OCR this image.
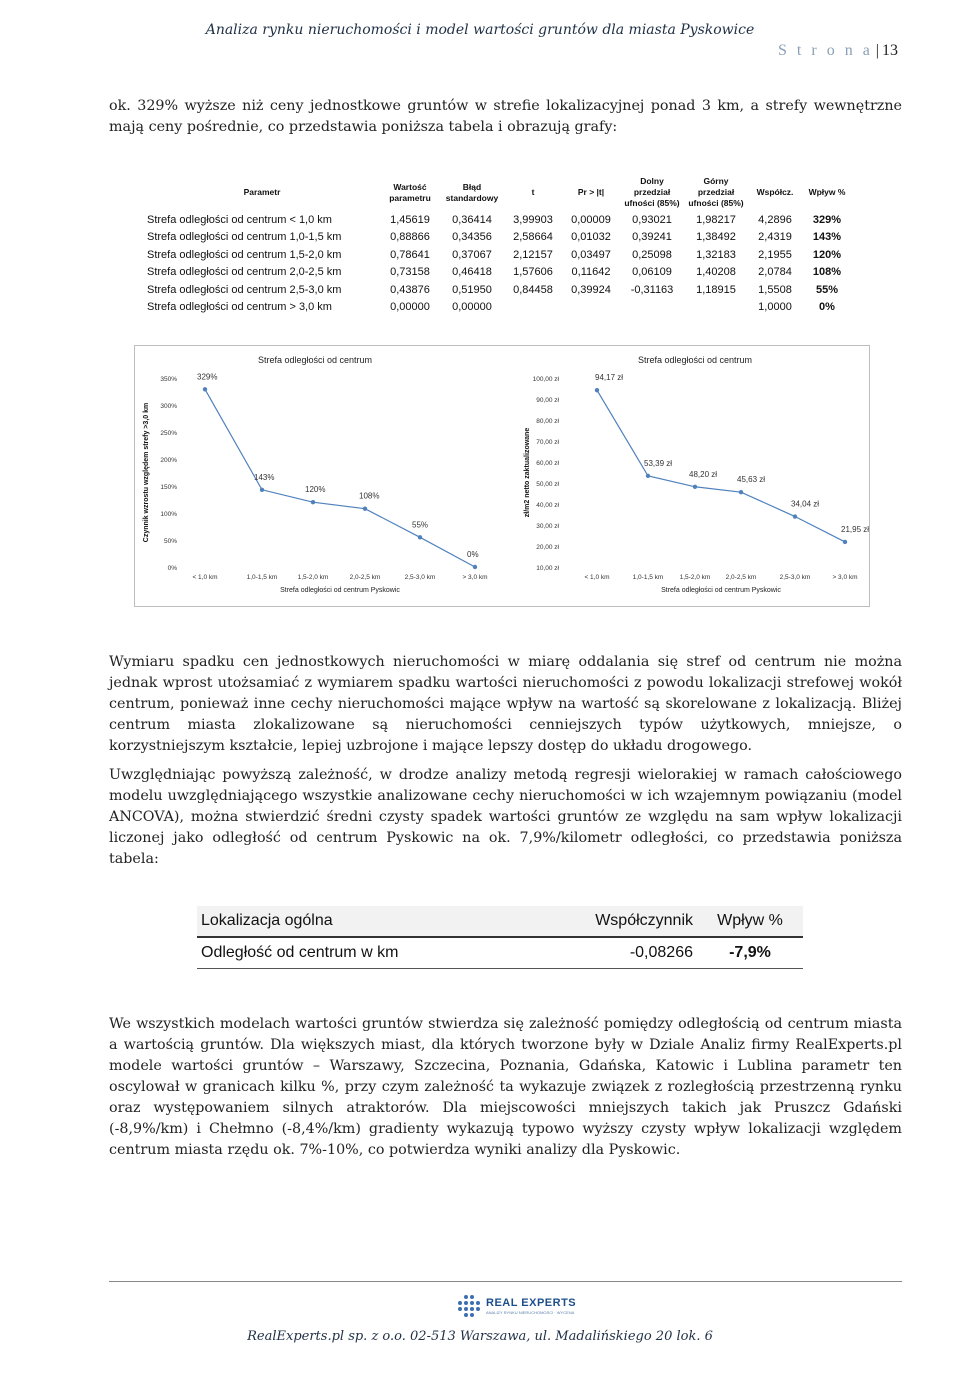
Analiza rynku nieruchomości i model wartości gruntów dla miasta Pyskowice
S t r o n a | 13

ok. 329% wyższe niż ceny jednostkowe gruntów w strefie lokalizacyjnej ponad 3 km, a strefy wewnętrzne mają ceny pośrednie, co przedstawia poniższa tabela i obrazują grafy:

Parametr	Wartość parametru	Błąd standardowy	t	Pr > |t|	Dolny przedział ufności (85%)	Górny przedział ufności (85%)	Współcz.	Wpływ %
Strefa odległości od centrum < 1,0 km	1,45619	0,36414	3,99903	0,00009	0,93021	1,98217	4,2896	329%
Strefa odległości od centrum 1,0-1,5 km	0,88866	0,34356	2,58664	0,01032	0,39241	1,38492	2,4319	143%
Strefa odległości od centrum 1,5-2,0 km	0,78641	0,37067	2,12157	0,03497	0,25098	1,32183	2,1955	120%
Strefa odległości od centrum 2,0-2,5 km	0,73158	0,46418	1,57606	0,11642	0,06109	1,40208	2,0784	108%
Strefa odległości od centrum 2,5-3,0 km	0,43876	0,51950	0,84458	0,39924	-0,31163	1,18915	1,5508	55%
Strefa odległości od centrum > 3,0 km	0,00000	0,00000					1,0000	0%
Strefa odległości od centrum
0%
50%
100%
150%
200%
250%
300%
350%
Czynnik wzrostu względem strefy >3,0 km
< 1,0 km	1,0-1,5 km	1,5-2,0 km	2,0-2,5 km	2,5-3,0 km	> 3,0 km
Strefa odległości od centrum Pyskowic
329%
143%
120%
108%
55%
0%
Strefa odległości od centrum
10,00 zł
20,00 zł
30,00 zł
40,00 zł
50,00 zł
60,00 zł
70,00 zł
80,00 zł
90,00 zł
100,00 zł
zł/m2 netto zaktualizowane
< 1,0 km	1,0-1,5 km	1,5-2,0 km 2,0-2,5 km	2,5-3,0 km	> 3,0 km
Strefa odległości od centrum Pyskowic
94,17 zł
53,39 zł
48,20 zł
45,63 zł
34,04 zł
21,95 zł

Wymiaru spadku cen jednostkowych nieruchomości w miarę oddalania się stref od centrum nie można jednak wprost utożsamiać z wymiarem spadku wartości nieruchomości z powodu lokalizacji strefowej wokół centrum, ponieważ inne cechy nieruchomości mające wpływ na wartość są skorelowane z lokalizacją. Bliżej centrum miasta zlokalizowane są nieruchomości cenniejszych typów użytkowych, mniejsze, o korzystniejszym kształcie, lepiej uzbrojone i mające lepszy dostęp do układu drogowego.

Uwzględniając powyższą zależność, w drodze analizy metodą regresji wielorakiej w ramach całościowego modelu uwzględniającego wszystkie analizowane cechy nieruchomości w ich wzajemnym powiązaniu (model ANCOVA), można stwierdzić średni czysty spadek wartości gruntów ze względu na sam wpływ lokalizacji liczonej jako odległość od centrum Pyskowic na ok. 7,9%/kilometr odległości, co przedstawia poniższa tabela:

Lokalizacja ogólna	Współczynnik	Wpływ %
Odległość od centrum w km	-0,08266	-7,9%

We wszystkich modelach wartości gruntów stwierdza się zależność pomiędzy odległością od centrum miasta a wartością gruntów. Dla większych miast, dla których tworzone były w Dziale Analiz firmy RealExperts.pl modele wartości gruntów – Warszawy, Szczecina, Poznania, Gdańska, Katowic i Lublina parametr ten oscylował w granicach kilku %, przy czym zależność ta wykazuje związek z rozległością przestrzenną rynku oraz występowaniem silnych atraktorów. Dla miejscowości mniejszych takich jak Pruszcz Gdański (-8,9%/km) i Chełmno (-8,4%/km) gradienty wykazują typowo wyższy czysty wpływ lokalizacji względem centrum miasta rzędu ok. 7%-10%, co potwierdza wyniki analizy dla Pyskowic.

REAL EXPERTS
ANALIZY RYNKU NIERUCHOMOŚCI · WYCENA
RealExperts.pl sp. z o.o. 02-513 Warszawa, ul. Madalińskiego 20 lok. 6
